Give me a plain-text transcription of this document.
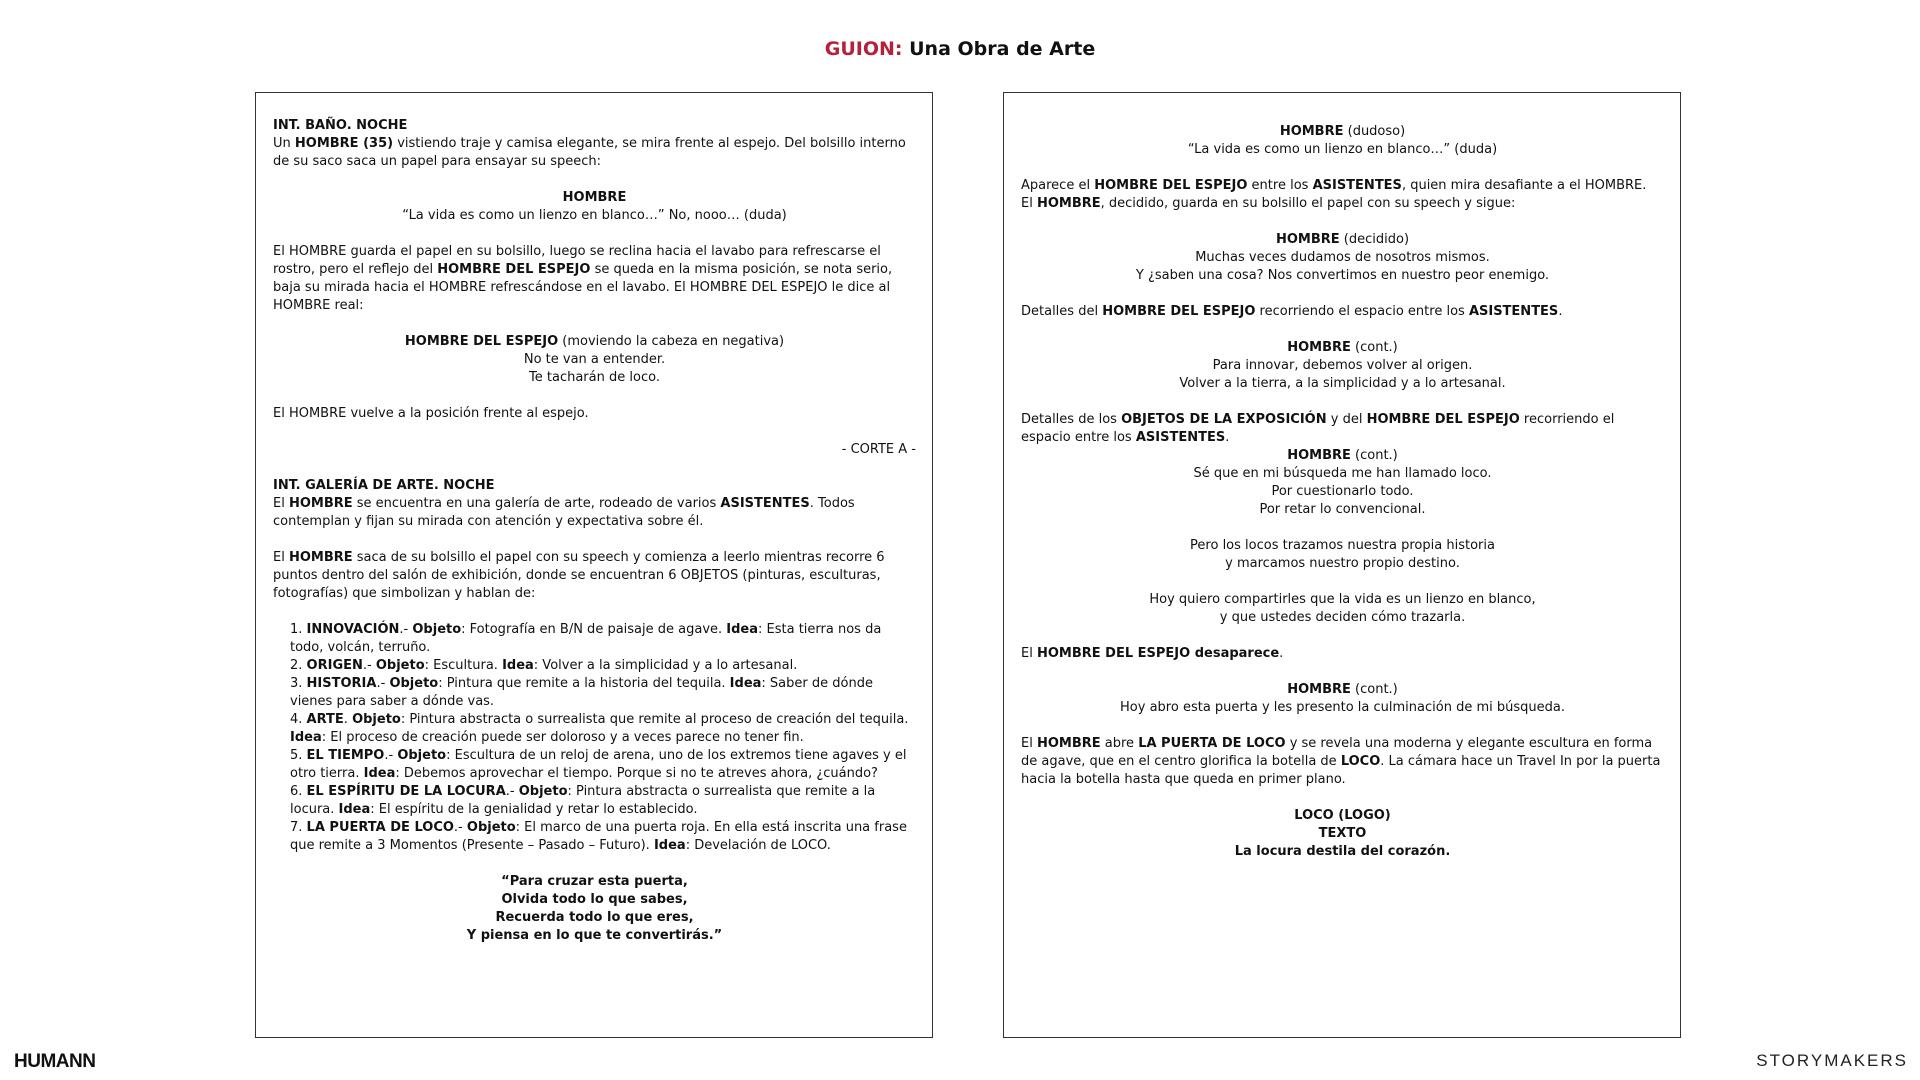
GUION: Una Obra de Arte

INT. BAÑO. NOCHE

Un HOMBRE (35) vistiendo traje y camisa elegante, se mira frente al espejo. Del bolsillo interno de su saco saca un papel para ensayar su speech:

HOMBRE

“La vida es como un lienzo en blanco…” No, nooo… (duda)

El HOMBRE guarda el papel en su bolsillo, luego se reclina hacia el lavabo para refrescarse el rostro, pero el reflejo del HOMBRE DEL ESPEJO se queda en la misma posición, se nota serio, baja su mirada hacia el HOMBRE refrescándose en el lavabo. El HOMBRE DEL ESPEJO le dice al HOMBRE real:

HOMBRE DEL ESPEJO (moviendo la cabeza en negativa)

No te van a entender.

Te tacharán de loco.

El HOMBRE vuelve a la posición frente al espejo.

- CORTE A -

INT. GALERÍA DE ARTE. NOCHE

El HOMBRE se encuentra en una galería de arte, rodeado de varios ASISTENTES. Todos contemplan y fijan su mirada con atención y expectativa sobre él.

El HOMBRE saca de su bolsillo el papel con su speech y comienza a leerlo mientras recorre 6 puntos dentro del salón de exhibición, donde se encuentran 6 OBJETOS (pinturas, esculturas, fotografías) que simbolizan y hablan de:

1. INNOVACIÓN.- Objeto: Fotografía en B/N de paisaje de agave. Idea: Esta tierra nos da todo, volcán, terruño.
2. ORIGEN.- Objeto: Escultura. Idea: Volver a la simplicidad y a lo artesanal.
3. HISTORIA.- Objeto: Pintura que remite a la historia del tequila. Idea: Saber de dónde vienes para saber a dónde vas.
4. ARTE. Objeto: Pintura abstracta o surrealista que remite al proceso de creación del tequila. Idea: El proceso de creación puede ser doloroso y a veces parece no tener fin.
5. EL TIEMPO.- Objeto: Escultura de un reloj de arena, uno de los extremos tiene agaves y el otro tierra. Idea: Debemos aprovechar el tiempo. Porque si no te atreves ahora, ¿cuándo?
6. EL ESPÍRITU DE LA LOCURA.- Objeto: Pintura abstracta o surrealista que remite a la locura. Idea: El espíritu de la genialidad y retar lo establecido.
7. LA PUERTA DE LOCO.- Objeto: El marco de una puerta roja. En ella está inscrita una frase que remite a 3 Momentos (Presente – Pasado – Futuro). Idea: Develación de LOCO.

“Para cruzar esta puerta,

Olvida todo lo que sabes,

Recuerda todo lo que eres,

Y piensa en lo que te convertirás.”

HOMBRE (dudoso)

“La vida es como un lienzo en blanco…” (duda)

Aparece el HOMBRE DEL ESPEJO entre los ASISTENTES, quien mira desafiante a el HOMBRE.

El HOMBRE, decidido, guarda en su bolsillo el papel con su speech y sigue:

HOMBRE (decidido)

Muchas veces dudamos de nosotros mismos.

Y ¿saben una cosa? Nos convertimos en nuestro peor enemigo.

Detalles del HOMBRE DEL ESPEJO recorriendo el espacio entre los ASISTENTES.

HOMBRE (cont.)

Para innovar, debemos volver al origen.

Volver a la tierra, a la simplicidad y a lo artesanal.

Detalles de los OBJETOS DE LA EXPOSICIÓN y del HOMBRE DEL ESPEJO recorriendo el espacio entre los ASISTENTES.

HOMBRE (cont.)

Sé que en mi búsqueda me han llamado loco.

Por cuestionarlo todo.

Por retar lo convencional.

Pero los locos trazamos nuestra propia historia

y marcamos nuestro propio destino.

Hoy quiero compartirles que la vida es un lienzo en blanco,

y que ustedes deciden cómo trazarla.

El HOMBRE DEL ESPEJO desaparece.

HOMBRE (cont.)

Hoy abro esta puerta y les presento la culminación de mi búsqueda.

El HOMBRE abre LA PUERTA DE LOCO y se revela una moderna y elegante escultura en forma de agave, que en el centro glorifica la botella de LOCO. La cámara hace un Travel In por la puerta hacia la botella hasta que queda en primer plano.

LOCO (LOGO)

TEXTO

La locura destila del corazón.

HUMANN	STORYMAKERS
